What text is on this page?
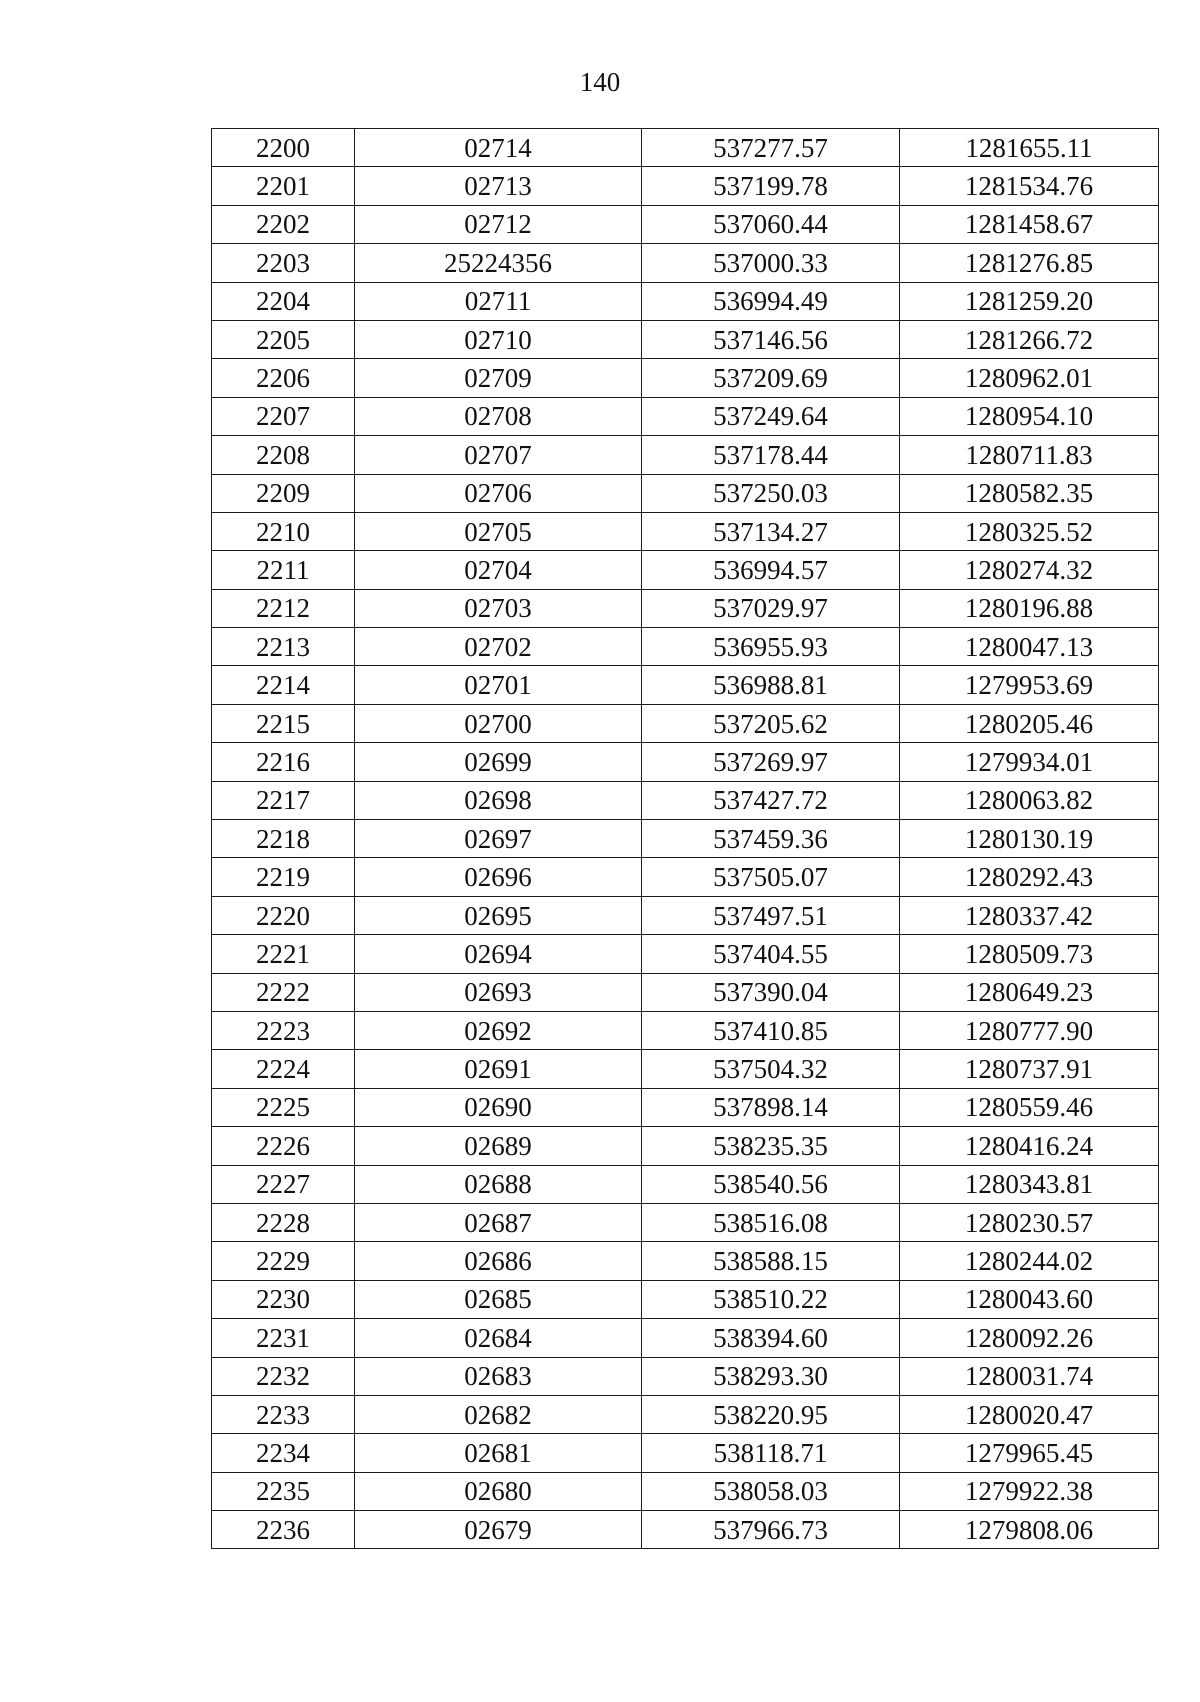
140
2200	02714	537277.57	1281655.11
2201	02713	537199.78	1281534.76
2202	02712	537060.44	1281458.67
2203	25224356	537000.33	1281276.85
2204	02711	536994.49	1281259.20
2205	02710	537146.56	1281266.72
2206	02709	537209.69	1280962.01
2207	02708	537249.64	1280954.10
2208	02707	537178.44	1280711.83
2209	02706	537250.03	1280582.35
2210	02705	537134.27	1280325.52
2211	02704	536994.57	1280274.32
2212	02703	537029.97	1280196.88
2213	02702	536955.93	1280047.13
2214	02701	536988.81	1279953.69
2215	02700	537205.62	1280205.46
2216	02699	537269.97	1279934.01
2217	02698	537427.72	1280063.82
2218	02697	537459.36	1280130.19
2219	02696	537505.07	1280292.43
2220	02695	537497.51	1280337.42
2221	02694	537404.55	1280509.73
2222	02693	537390.04	1280649.23
2223	02692	537410.85	1280777.90
2224	02691	537504.32	1280737.91
2225	02690	537898.14	1280559.46
2226	02689	538235.35	1280416.24
2227	02688	538540.56	1280343.81
2228	02687	538516.08	1280230.57
2229	02686	538588.15	1280244.02
2230	02685	538510.22	1280043.60
2231	02684	538394.60	1280092.26
2232	02683	538293.30	1280031.74
2233	02682	538220.95	1280020.47
2234	02681	538118.71	1279965.45
2235	02680	538058.03	1279922.38
2236	02679	537966.73	1279808.06
